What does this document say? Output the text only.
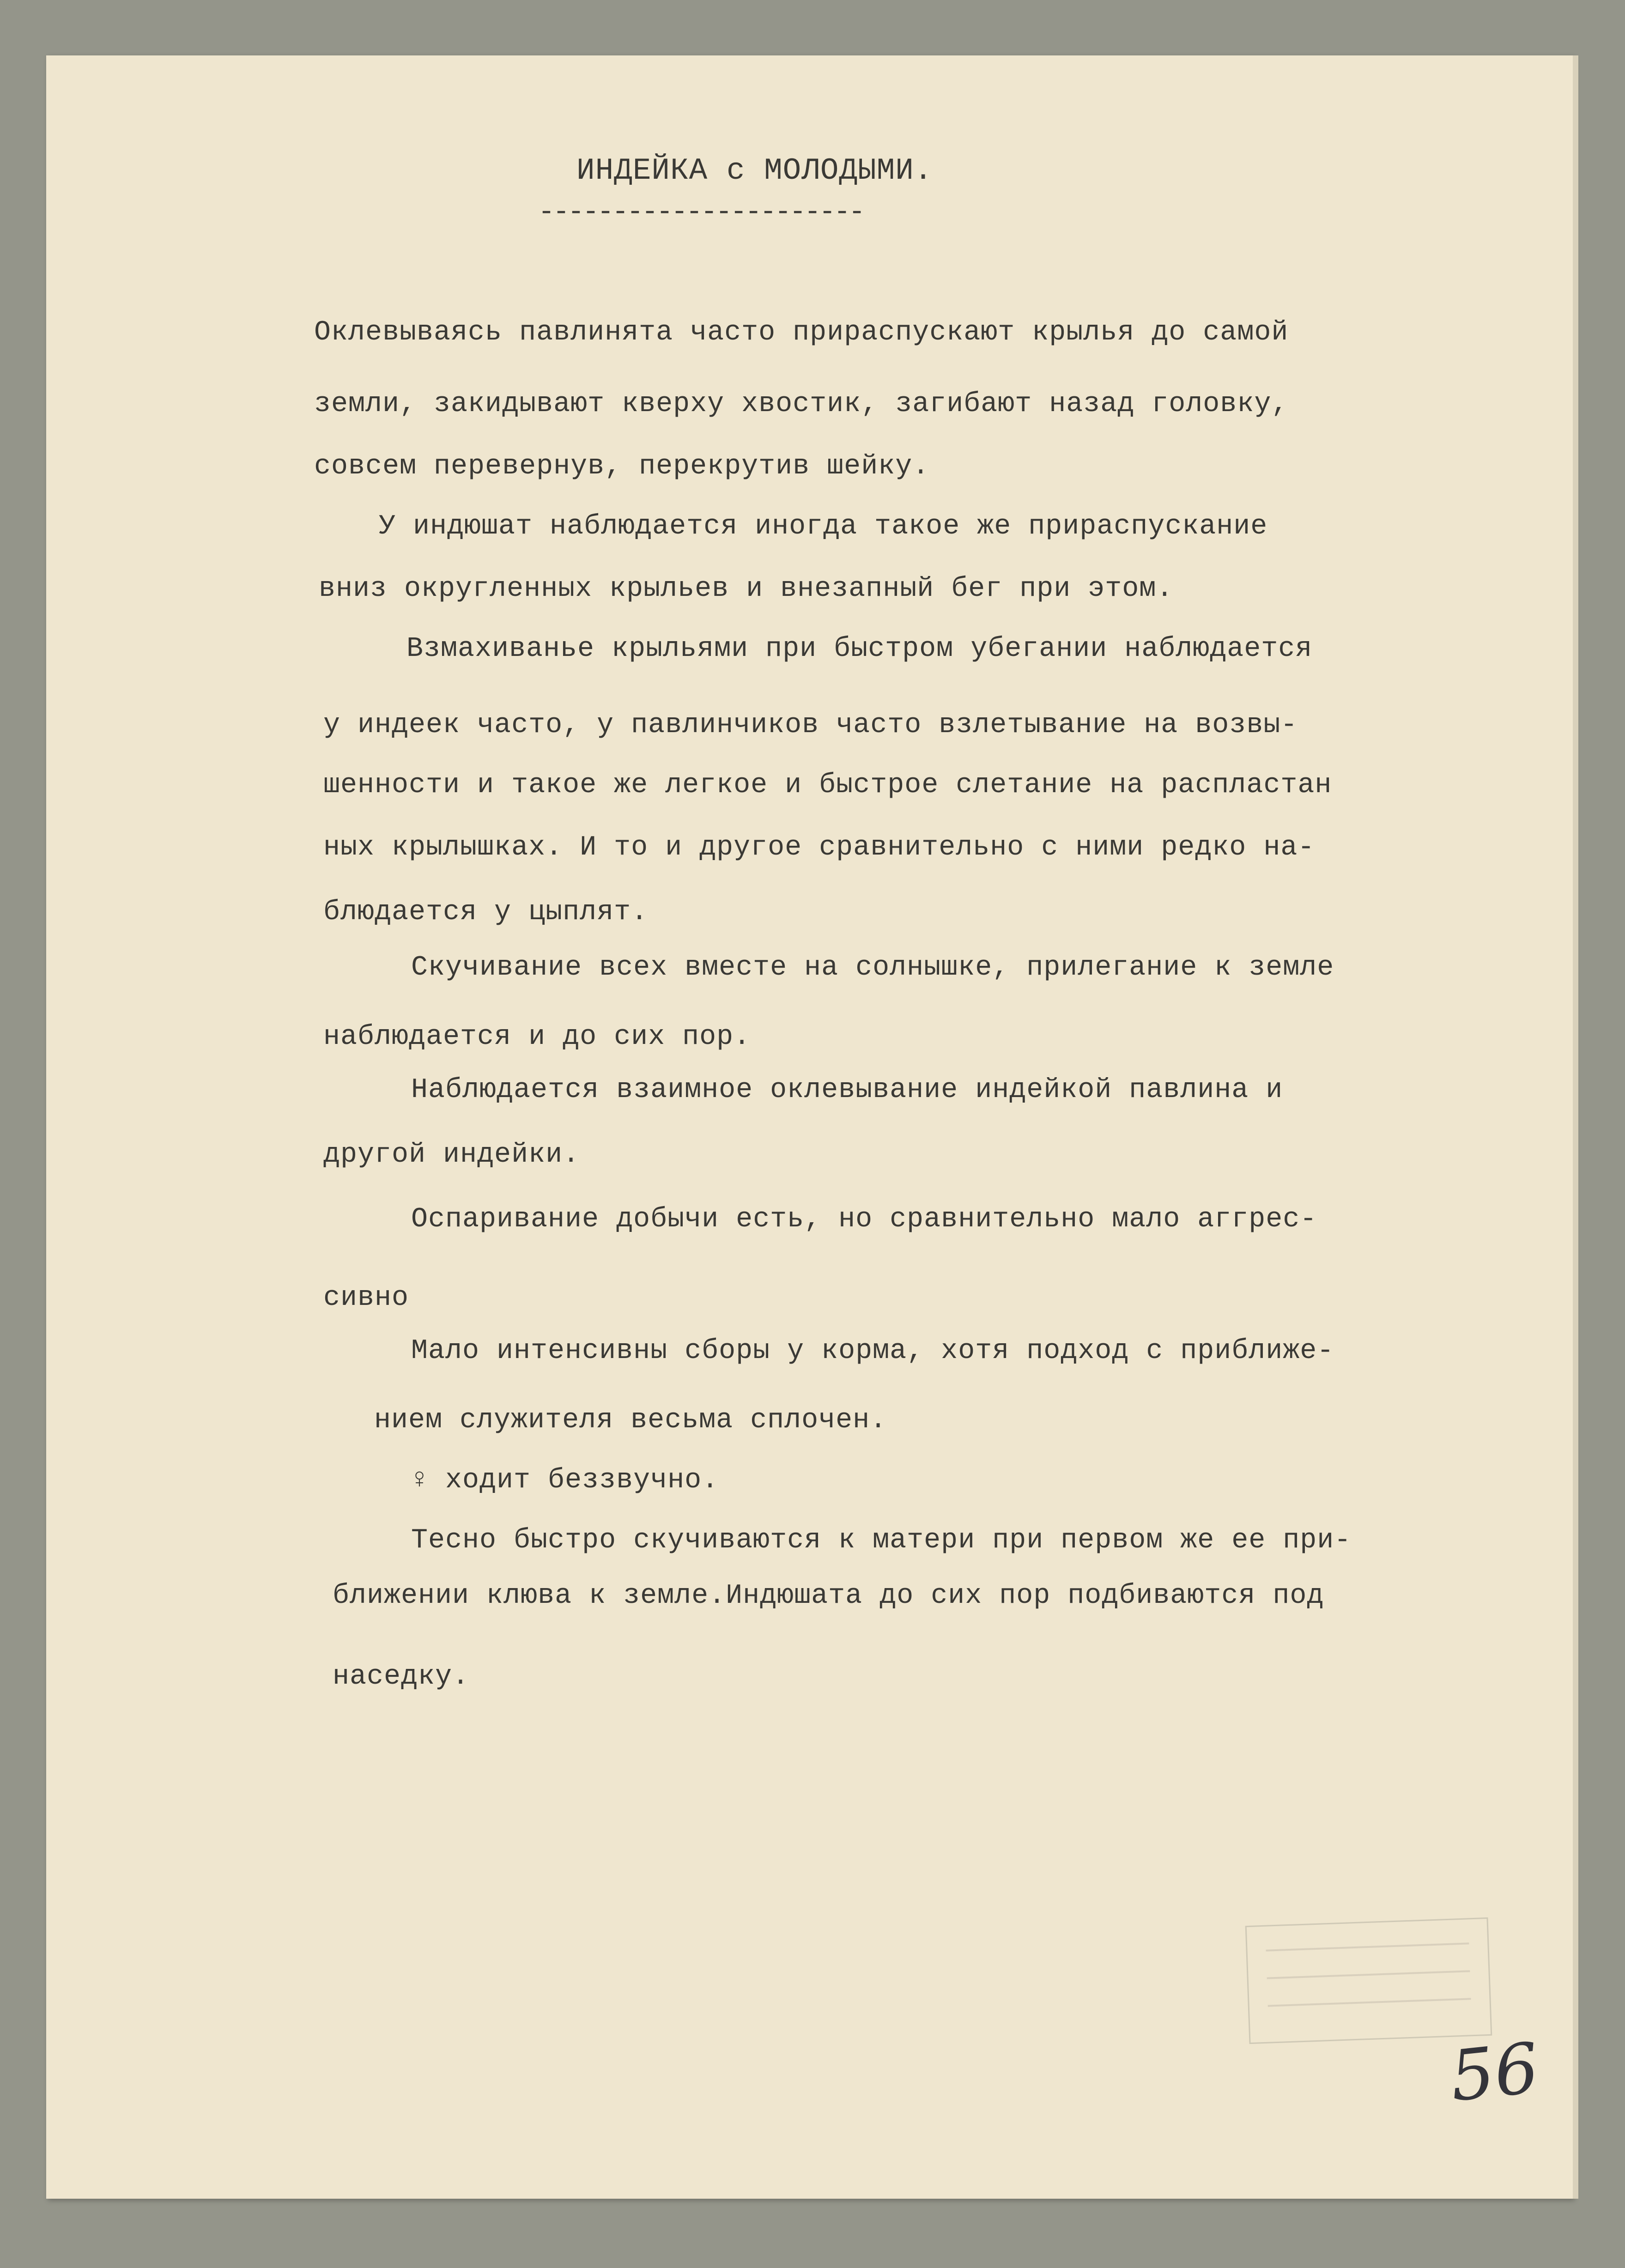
ИНДЕЙКА с МОЛОДЫМИ.
----------------------
Оклевываясь павлинята часто прираспускают крылья до самой
земли, закидывают кверху хвостик, загибают назад головку,
совсем перевернув, перекрутив шейку.
У индюшат наблюдается иногда такое же прираспускание
вниз округленных крыльев и внезапный бег при этом.
Взмахиванье крыльями при быстром убегании наблюдается
у индеек часто, у павлинчиков часто взлетывание на возвы-
шенности и такое же легкое и быстрое слетание на распластан
ных крылышках. И то и другое сравнительно с ними редко на-
блюдается у цыплят.
Скучивание всех вместе на солнышке, прилегание к земле
наблюдается и до сих пор.
Наблюдается взаимное оклевывание индейкой павлина и
другой индейки.
Оспаривание добычи есть, но сравнительно мало аггрес-
сивно
Мало интенсивны сборы у корма, хотя подход с приближе-
нием служителя весьма сплочен.
♀ ходит беззвучно.
Тесно быстро скучиваются к матери при первом же ее при-
ближении клюва к земле.Индюшата до сих пор подбиваются под
наседку.
56
